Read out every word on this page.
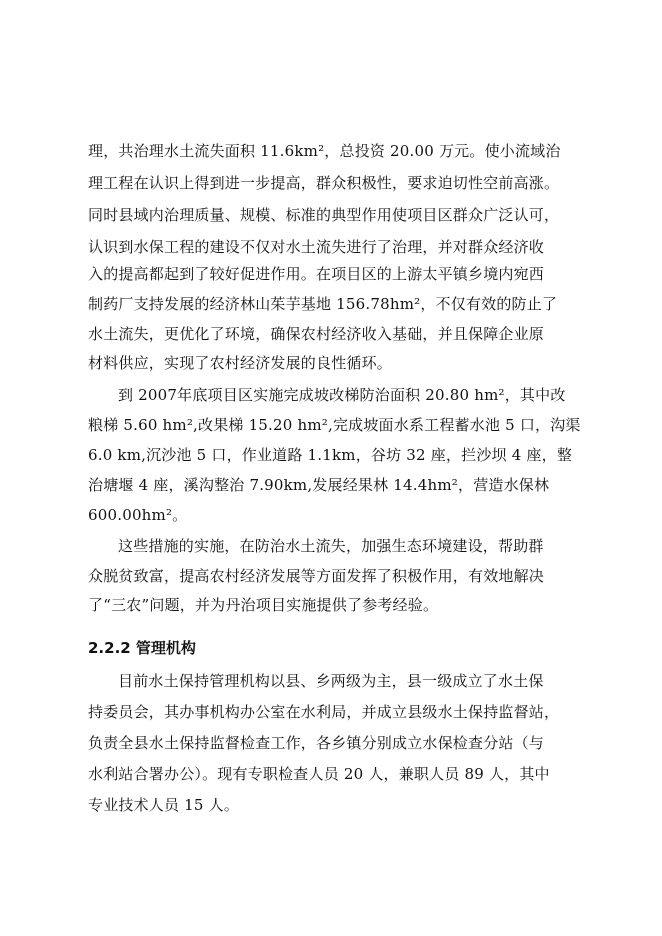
理，共治理水土流失面积 11.6km²，总投资 20.00 万元。使小流域治
理工程在认识上得到进一步提高，群众积极性，要求迫切性空前高涨。
同时县域内治理质量、规模、标准的典型作用使项目区群众广泛认可，
认识到水保工程的建设不仅对水土流失进行了治理，并对群众经济收
入的提高都起到了较好促进作用。在项目区的上游太平镇乡境内宛西
制药厂支持发展的经济林山茱芋基地 156.78hm²，不仅有效的防止了
水土流失，更优化了环境，确保农村经济收入基础，并且保障企业原
材料供应，实现了农村经济发展的良性循环。
到 2007年底项目区实施完成坡改梯防治面积 20.80 hm²，其中改
粮梯 5.60 hm²,改果梯 15.20 hm²,完成坡面水系工程蓄水池 5 口，沟渠
6.0 km,沉沙池 5 口，作业道路 1.1km，谷坊 32 座，拦沙坝 4 座，整
治塘堰 4 座，溪沟整治 7.90km,发展经果林 14.4hm²，营造水保林
600.00hm²。
这些措施的实施，在防治水土流失，加强生态环境建设，帮助群
众脱贫致富，提高农村经济发展等方面发挥了积极作用，有效地解决
了“三农”问题，并为丹治项目实施提供了参考经验。
2.2.2 管理机构
目前水土保持管理机构以县、乡两级为主，县一级成立了水土保
持委员会，其办事机构办公室在水利局，并成立县级水土保持监督站，
负责全县水土保持监督检查工作，各乡镇分别成立水保检查分站（与
水利站合署办公）。现有专职检查人员 20 人，兼职人员 89 人，其中
专业技术人员 15 人。
